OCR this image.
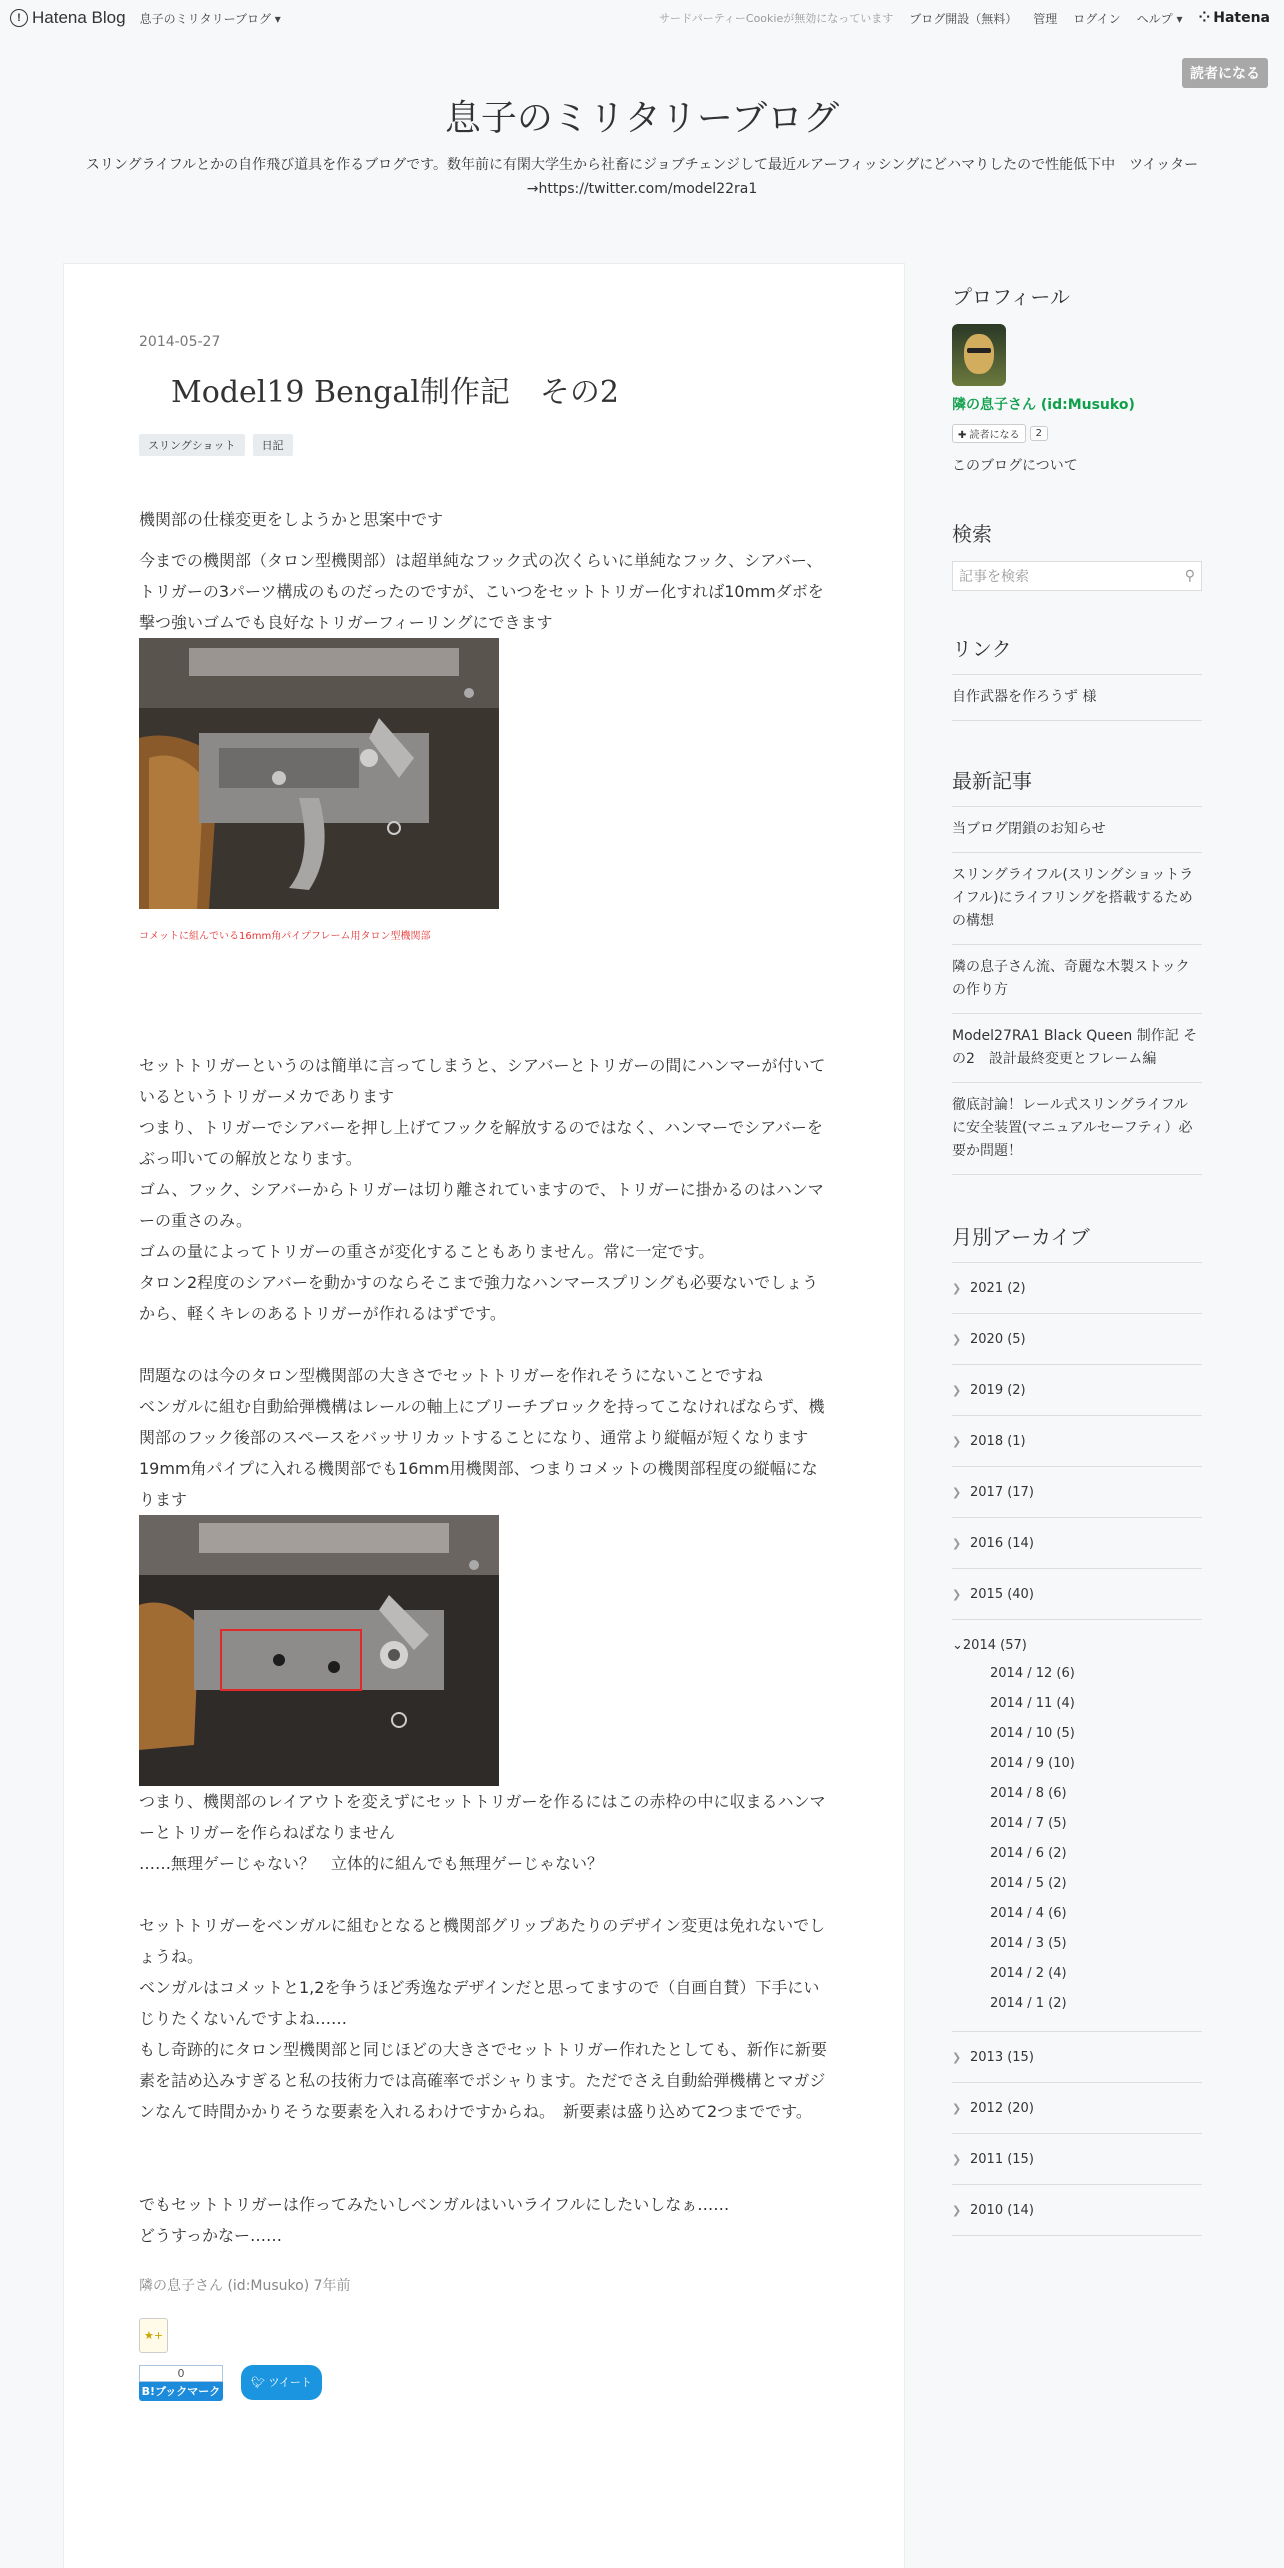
! Hatena Blog 息子のミリタリーブログ ▾	サードパーティーCookieが無効になっています ブログ開設（無料） 管理 ログイン ヘルプ ▾ ⁘ Hatena
読者になる
息子のミリタリーブログ
スリングライフルとかの自作飛び道具を作るブログです。数年前に有閑大学生から社畜にジョブチェンジして最近ルアーフィッシングにどハマりしたので性能低下中　ツイッター→https://twitter.com/model22ra1
2014-05-27
Model19 Bengal制作記　その2
スリングショット	日記

機関部の仕様変更をしようかと思案中です

今までの機関部（タロン型機関部）は超単純なフック式の次くらいに単純なフック、シアバー、トリガーの3パーツ構成のものだったのですが、こいつをセットトリガー化すれば10mmダボを撃つ強いゴムでも良好なトリガーフィーリングにできます

コメットに組んでいる16mm角パイプフレーム用タロン型機関部

セットトリガーというのは簡単に言ってしまうと、シアバーとトリガーの間にハンマーが付いているというトリガーメカであります

つまり、トリガーでシアバーを押し上げてフックを解放するのではなく、ハンマーでシアバーをぶっ叩いての解放となります。

ゴム、フック、シアバーからトリガーは切り離されていますので、トリガーに掛かるのはハンマーの重さのみ。

ゴムの量によってトリガーの重さが変化することもありません。常に一定です。

タロン2程度のシアバーを動かすのならそこまで強力なハンマースプリングも必要ないでしょうから、軽くキレのあるトリガーが作れるはずです。

問題なのは今のタロン型機関部の大きさでセットトリガーを作れそうにないことですね

ベンガルに組む自動給弾機構はレールの軸上にブリーチブロックを持ってこなければならず、機関部のフック後部のスペースをバッサリカットすることになり、通常より縦幅が短くなります

19mm角パイプに入れる機関部でも16mm用機関部、つまりコメットの機関部程度の縦幅になります

つまり、機関部のレイアウトを変えずにセットトリガーを作るにはこの赤枠の中に収まるハンマーとトリガーを作らねばなりません

……無理ゲーじゃない？　立体的に組んでも無理ゲーじゃない？

セットトリガーをベンガルに組むとなると機関部グリップあたりのデザイン変更は免れないでしょうね。

ベンガルはコメットと1,2を争うほど秀逸なデザインだと思ってますので（自画自賛）下手にいじりたくないんですよね……

もし奇跡的にタロン型機関部と同じほどの大きさでセットトリガー作れたとしても、新作に新要素を詰め込みすぎると私の技術力では高確率でポシャります。ただでさえ自動給弾機構とマガジンなんて時間かかりそうな要素を入れるわけですからね。　新要素は盛り込めて2つまでです。

でもセットトリガーは作ってみたいしベンガルはいいライフルにしたいしなぁ……

どうすっかなー……

隣の息子さん (id:Musuko) 7年前
★+
0
B!ブックマーク
🐦︎ ツイート
プロフィール
隣の息子さん (id:Musuko)
✚ 読者になる	2
このブログについて
検索
記事を検索	⚲
リンク
自作武器を作ろうず 様
最新記事
当ブログ閉鎖のお知らせ
スリングライフル(スリングショットライフル)にライフリングを搭載するための構想
隣の息子さん流、奇麗な木製ストックの作り方
Model27RA1 Black Queen 制作記 その2　設計最終変更とフレーム編
徹底討論！レール式スリングライフルに安全装置(マニュアルセーフティ）必要か問題！
月別アーカイブ
❯ 2021 (2)
❯ 2020 (5)
❯ 2019 (2)
❯ 2018 (1)
❯ 2017 (17)
❯ 2016 (14)
❯ 2015 (40)
⌄ 2014 (57)
2014 / 12 (6)
2014 / 11 (4)
2014 / 10 (5)
2014 / 9 (10)
2014 / 8 (6)
2014 / 7 (5)
2014 / 6 (2)
2014 / 5 (2)
2014 / 4 (6)
2014 / 3 (5)
2014 / 2 (4)
2014 / 1 (2)
❯ 2013 (15)
❯ 2012 (20)
❯ 2011 (15)
❯ 2010 (14)
